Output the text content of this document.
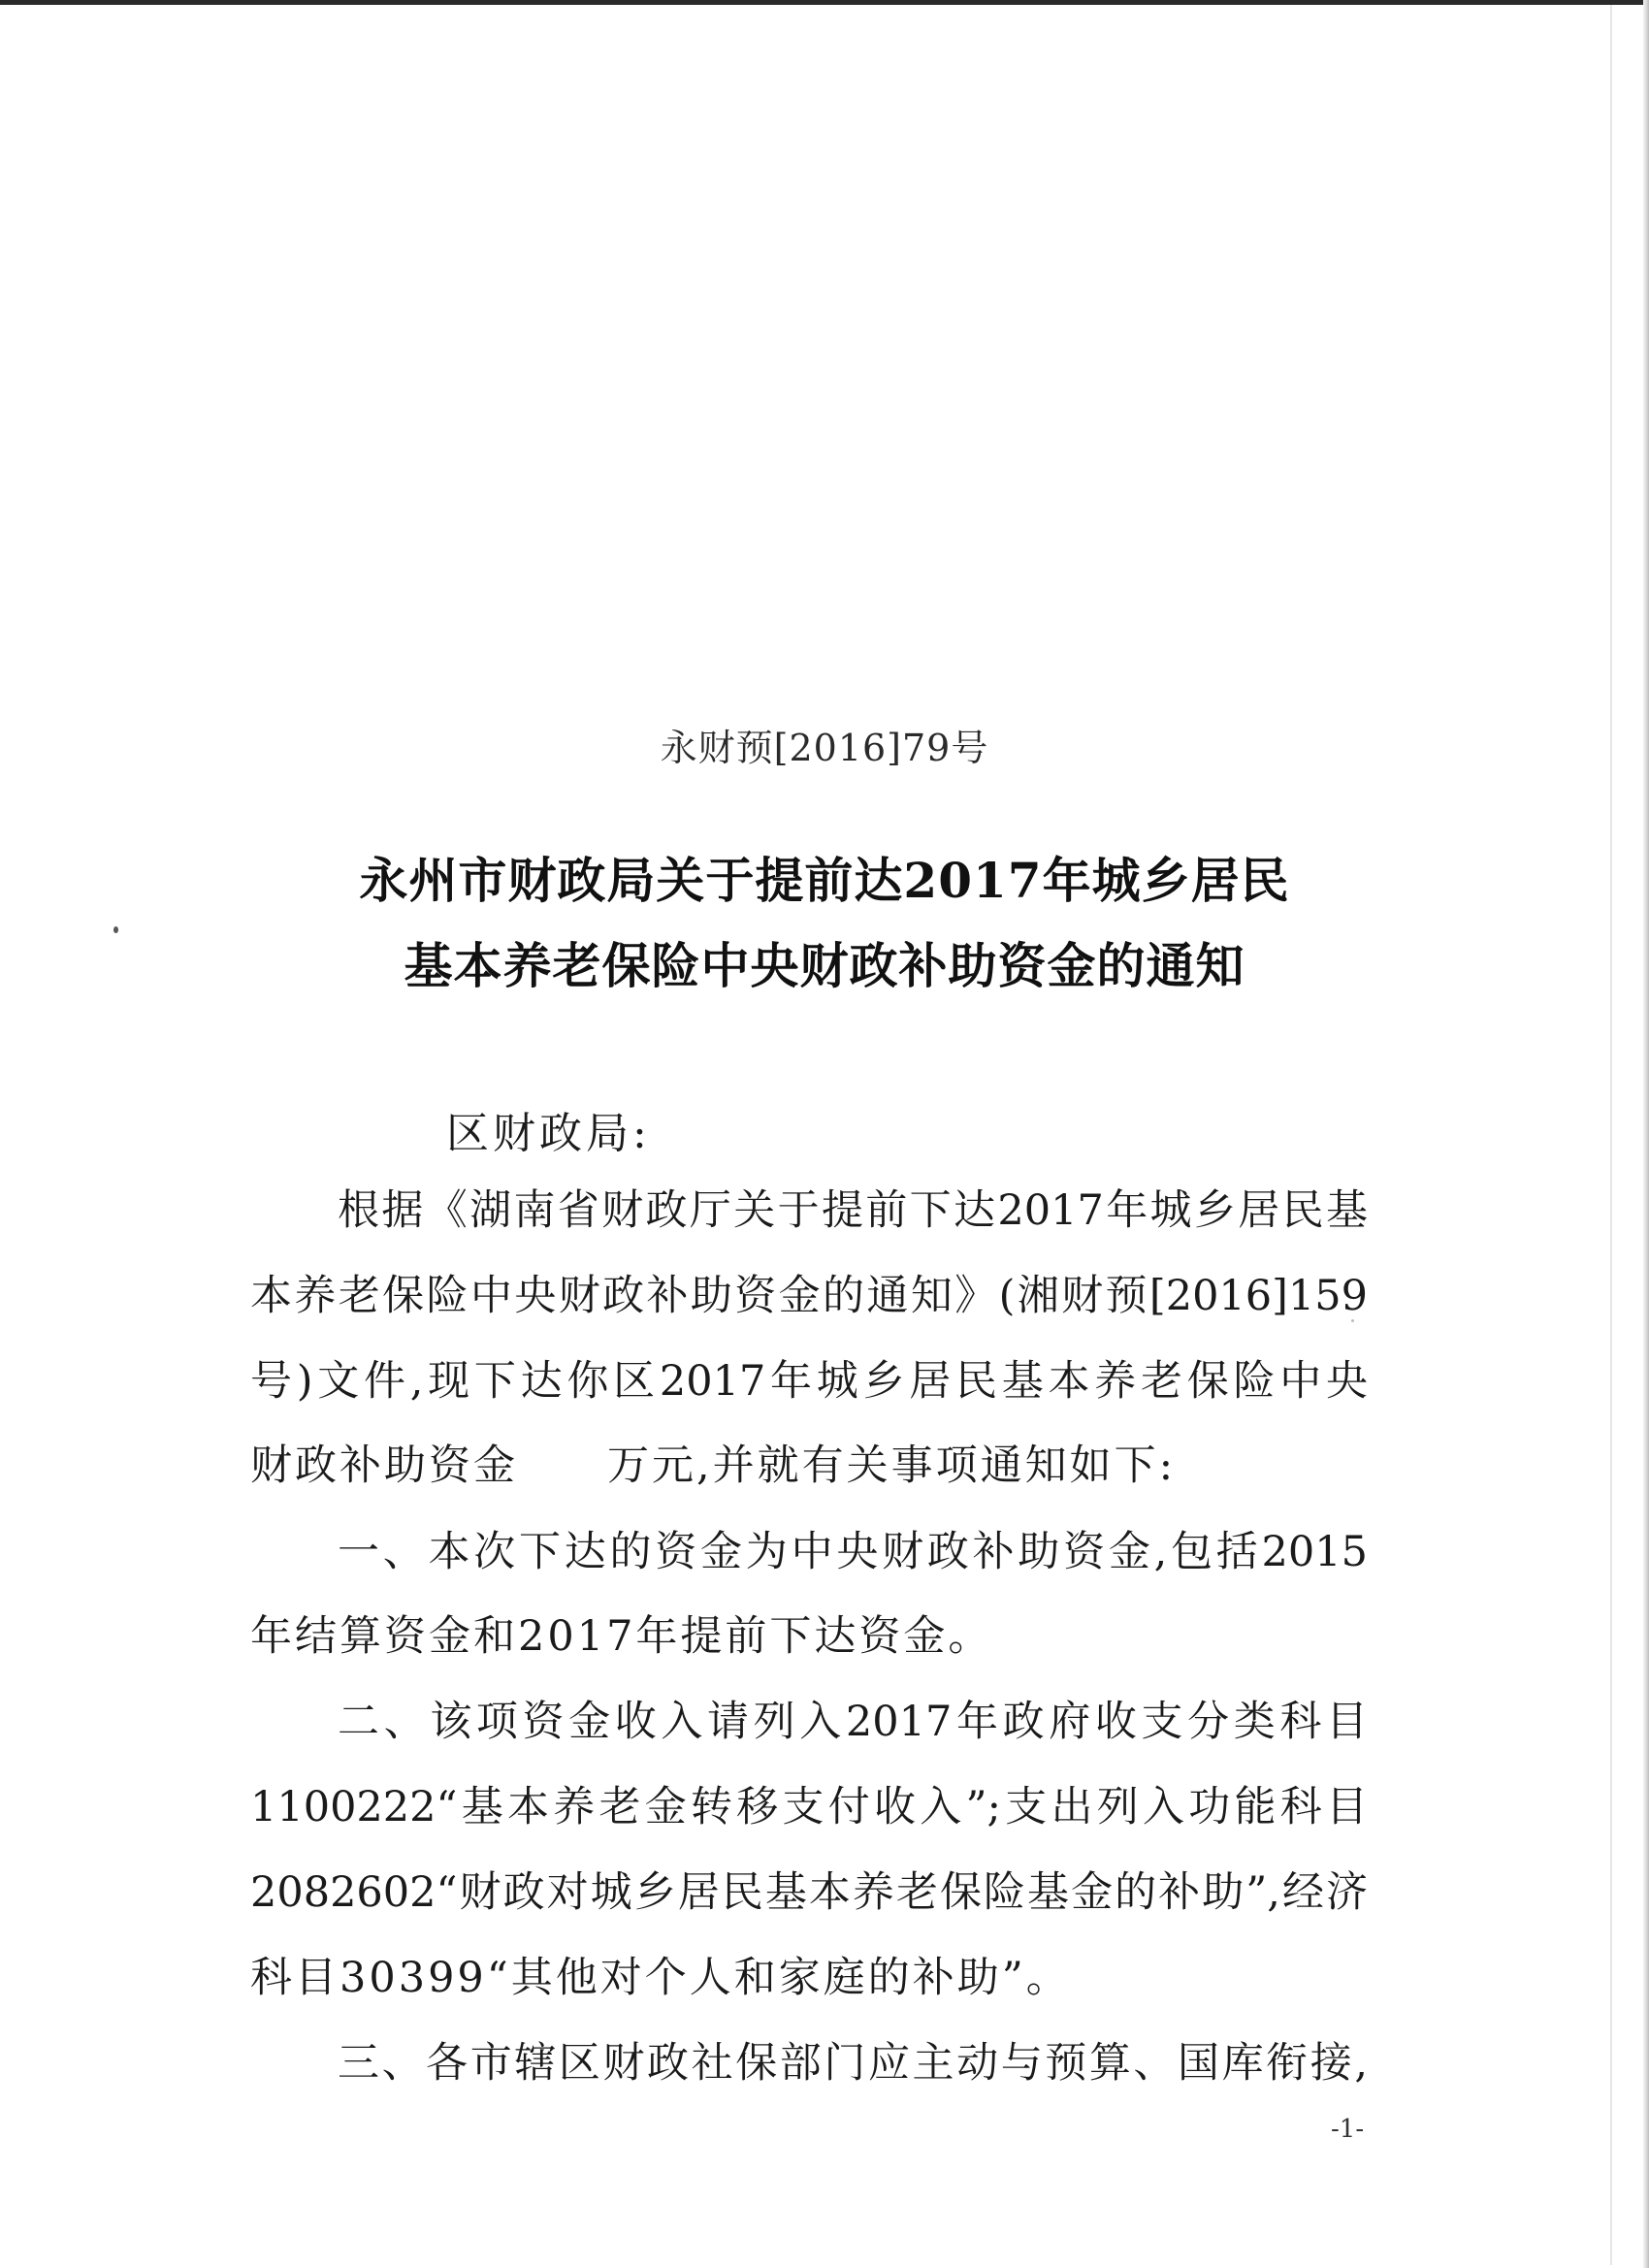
永财预[2016]79号
永州市财政局关于提前达2017年城乡居民
基本养老保险中央财政补助资金的通知
区财政局:
根据《湖南省财政厅关于提前下达2017年城乡居民基
本养老保险中央财政补助资金的通知》(湘财预[2016]159
号)文件,现下达你区2017年城乡居民基本养老保险中央
财政补助资金　　万元,并就有关事项通知如下:
一、本次下达的资金为中央财政补助资金,包括2015
年结算资金和2017年提前下达资金。
二、该项资金收入请列入2017年政府收支分类科目
1100222“基本养老金转移支付收入”;支出列入功能科目
2082602“财政对城乡居民基本养老保险基金的补助”,经济
科目30399“其他对个人和家庭的补助”。
三、各市辖区财政社保部门应主动与预算、国库衔接,
-1-
